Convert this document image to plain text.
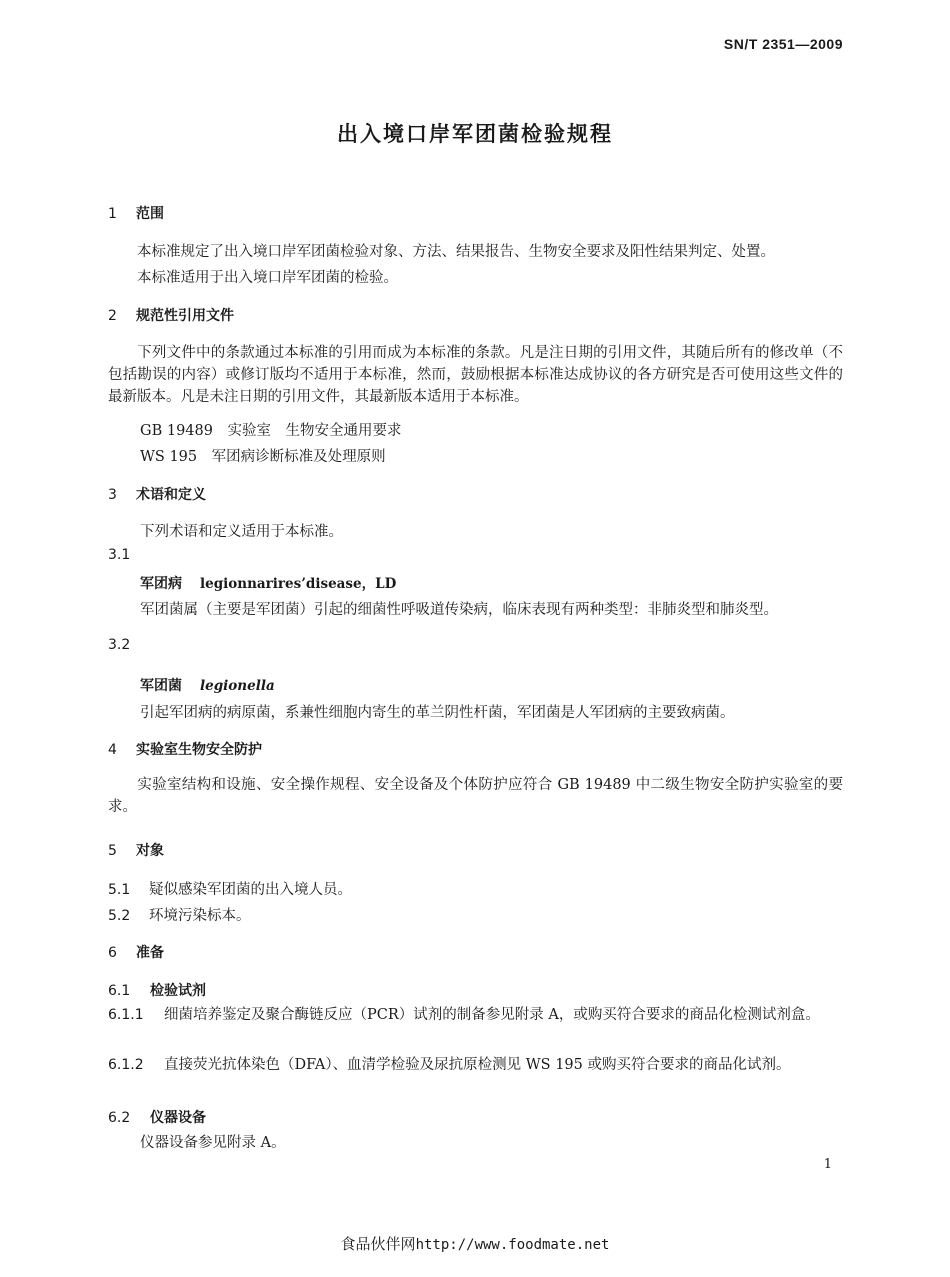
SN/T 2351—2009
出入境口岸军团菌检验规程
1 范围
本标准规定了出入境口岸军团菌检验对象、方法、结果报告、生物安全要求及阳性结果判定、处置。
本标准适用于出入境口岸军团菌的检验。
2 规范性引用文件
下列文件中的条款通过本标准的引用而成为本标准的条款。凡是注日期的引用文件，其随后所有的修改单（不包括勘误的内容）或修订版均不适用于本标准，然而，鼓励根据本标准达成协议的各方研究是否可使用这些文件的最新版本。凡是未注日期的引用文件，其最新版本适用于本标准。
GB 19489　 实验室　生物安全通用要求
WS 195　 军团病诊断标准及处理原则
3 术语和定义
下列术语和定义适用于本标准。
3.1
军团病 legionnarires’disease，LD
军团菌属（主要是军团菌）引起的细菌性呼吸道传染病，临床表现有两种类型：非肺炎型和肺炎型。
3.2
军团菌 legionella
引起军团病的病原菌，系兼性细胞内寄生的革兰阴性杆菌，军团菌是人军团病的主要致病菌。
4 实验室生物安全防护
实验室结构和设施、安全操作规程、安全设备及个体防护应符合 GB 19489 中二级生物安全防护实验室的要求。
5 对象
5.1 疑似感染军团菌的出入境人员。
5.2 环境污染标本。
6 准备
6.1 检验试剂
6.1.1 细菌培养鉴定及聚合酶链反应（PCR）试剂的制备参见附录 A，或购买符合要求的商品化检测试剂盒。
6.1.2 直接荧光抗体染色（DFA）、血清学检验及尿抗原检测见 WS 195 或购买符合要求的商品化试剂。
6.2 仪器设备
仪器设备参见附录 A。
1
食品伙伴网http://www.foodmate.net
